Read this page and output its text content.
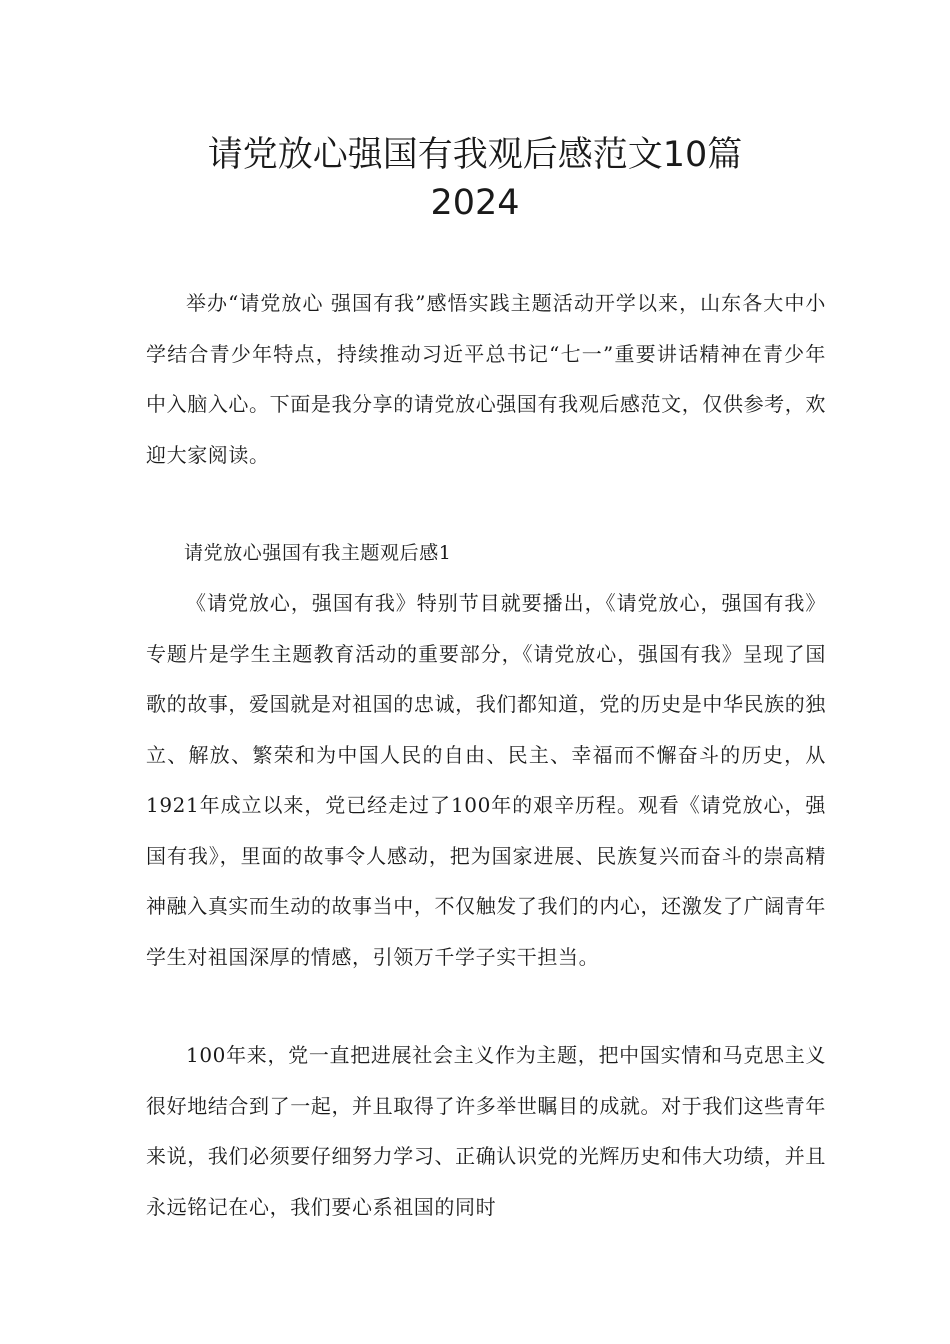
请党放心强国有我观后感范文10篇
2024

举办“请党放心 强国有我”感悟实践主题活动开学以来，山东各大中小学结合青少年特点，持续推动习近平总书记“七一”重要讲话精神在青少年中入脑入心。下面是我分享的请党放心强国有我观后感范文，仅供参考，欢迎大家阅读。

请党放心强国有我主题观后感1

《请党放心，强国有我》特别节目就要播出，《请党放心，强国有我》专题片是学生主题教育活动的重要部分，《请党放心，强国有我》呈现了国歌的故事，爱国就是对祖国的忠诚，我们都知道，党的历史是中华民族的独立、解放、繁荣和为中国人民的自由、民主、幸福而不懈奋斗的历史，从1921年成立以来，党已经走过了100年的艰辛历程。观看《请党放心，强国有我》，里面的故事令人感动，把为国家进展、民族复兴而奋斗的崇高精神融入真实而生动的故事当中，不仅触发了我们的内心，还激发了广阔青年学生对祖国深厚的情感，引领万千学子实干担当。

100年来，党一直把进展社会主义作为主题，把中国实情和马克思主义很好地结合到了一起，并且取得了许多举世瞩目的成就。对于我们这些青年来说，我们必须要仔细努力学习、正确认识党的光辉历史和伟大功绩，并且永远铭记在心，我们要心系祖国的同时
